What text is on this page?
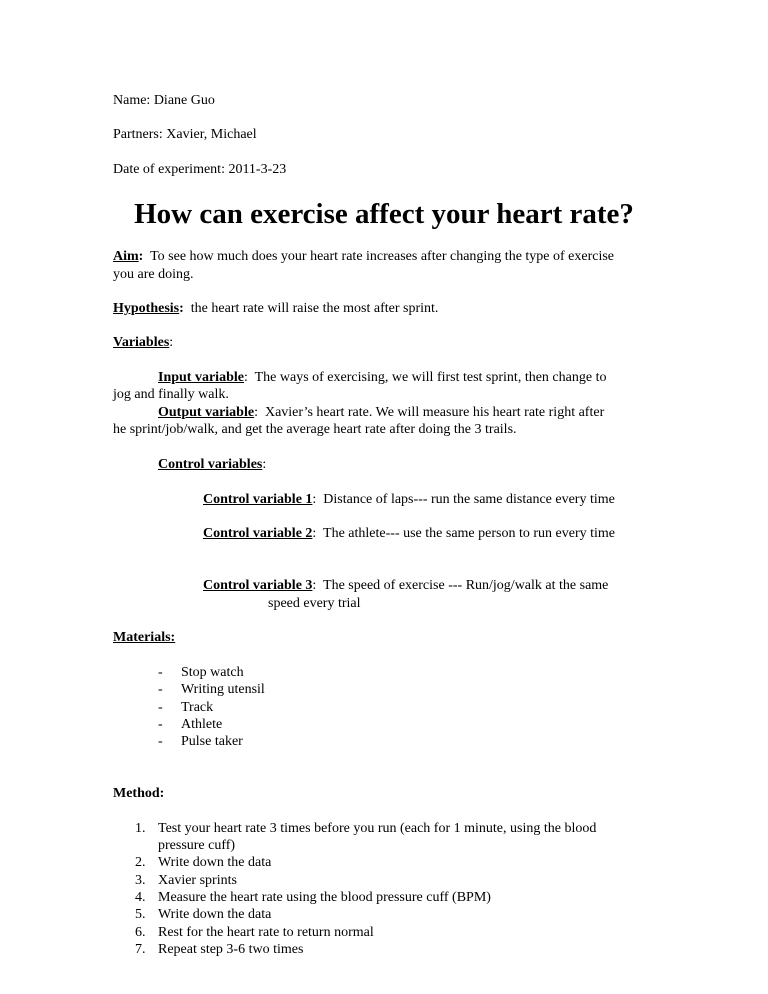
Name: Diane Guo
Partners: Xavier, Michael
Date of experiment: 2011-3-23
How can exercise affect your heart rate?
Aim:  To see how much does your heart rate increases after changing the type of exercise
you are doing.
Hypothesis:  the heart rate will raise the most after sprint.
Variables:
Input variable:  The ways of exercising, we will first test sprint, then change to
jog and finally walk.
Output variable:  Xavier’s heart rate. We will measure his heart rate right after
he sprint/job/walk, and get the average heart rate after doing the 3 trails.
Control variables:
Control variable 1:  Distance of laps--- run the same distance every time
Control variable 2:  The athlete--- use the same person to run every time
Control variable 3:  The speed of exercise --- Run/jog/walk at the same
speed every trial
Materials:
- Stop watch
- Writing utensil
- Track
- Athlete
- Pulse taker
Method:
1. Test your heart rate 3 times before you run (each for 1 minute, using the blood
pressure cuff)
2. Write down the data
3. Xavier sprints
4. Measure the heart rate using the blood pressure cuff (BPM)
5. Write down the data
6. Rest for the heart rate to return normal
7. Repeat step 3-6 two times
